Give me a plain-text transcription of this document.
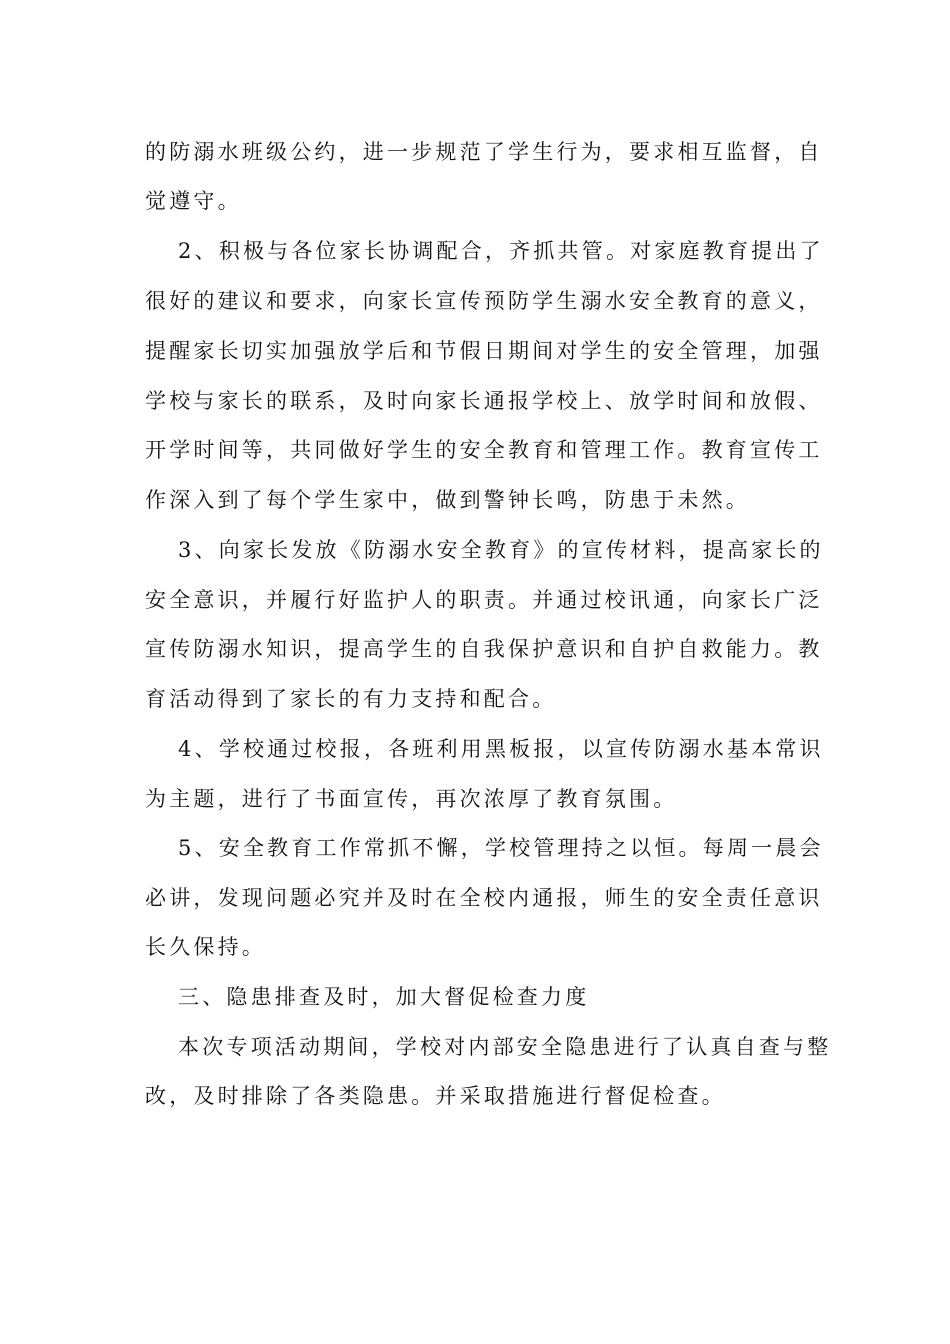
的防溺水班级公约，进一步规范了学生行为，要求相互监督，自
觉遵守。
2、积极与各位家长协调配合，齐抓共管。对家庭教育提出了
很好的建议和要求，向家长宣传预防学生溺水安全教育的意义，
提醒家长切实加强放学后和节假日期间对学生的安全管理，加强
学校与家长的联系，及时向家长通报学校上、放学时间和放假、
开学时间等，共同做好学生的安全教育和管理工作。教育宣传工
作深入到了每个学生家中，做到警钟长鸣，防患于未然。
3、向家长发放《防溺水安全教育》的宣传材料，提高家长的
安全意识，并履行好监护人的职责。并通过校讯通，向家长广泛
宣传防溺水知识，提高学生的自我保护意识和自护自救能力。教
育活动得到了家长的有力支持和配合。
4、学校通过校报，各班利用黑板报，以宣传防溺水基本常识
为主题，进行了书面宣传，再次浓厚了教育氛围。
5、安全教育工作常抓不懈，学校管理持之以恒。每周一晨会
必讲，发现问题必究并及时在全校内通报，师生的安全责任意识
长久保持。
三、隐患排查及时，加大督促检查力度
本次专项活动期间，学校对内部安全隐患进行了认真自查与整
改，及时排除了各类隐患。并采取措施进行督促检查。
